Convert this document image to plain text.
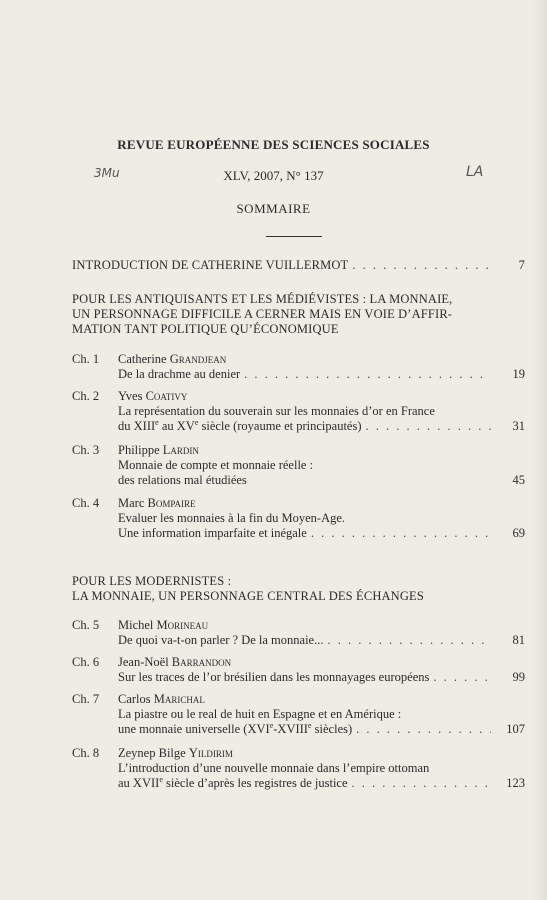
REVUE EUROPÉENNE DES SCIENCES SOCIALES
3Mu	XLV, 2007, N° 137	LA
SOMMAIRE
INTRODUCTION DE CATHERINE VUILLERMOT . . .	7
POUR LES ANTIQUISANTS ET LES MÉDIÉVISTES : LA MONNAIE,
UN PERSONNAGE DIFFICILE A CERNER MAIS EN VOIE D’AFFIR-
MATION TANT POLITIQUE QU’ÉCONOMIQUE
Ch. 1 Catherine Grandjean
De la drachme au denier . . .	19
Ch. 2 Yves Coativy
La représentation du souverain sur les monnaies d’or en France
du XIIIe au XVe siècle (royaume et principautés) . . .	31
Ch. 3 Philippe Lardin
Monnaie de compte et monnaie réelle :
des relations mal étudiées	45
Ch. 4 Marc Bompaire
Evaluer les monnaies à la fin du Moyen-Age.
Une information imparfaite et inégale . . .	69
POUR LES MODERNISTES :
LA MONNAIE, UN PERSONNAGE CENTRAL DES ÉCHANGES
Ch. 5 Michel Morineau
De quoi va-t-on parler ? De la monnaie... . . .	81
Ch. 6 Jean-Noël Barrandon
Sur les traces de l’or brésilien dans les monnayages européens . . .	99
Ch. 7 Carlos Marichal
La piastre ou le real de huit en Espagne et en Amérique :
une monnaie universelle (XVIe-XVIIIe siècles) . . .	107
Ch. 8 Zeynep Bilge Yildirim
L’introduction d’une nouvelle monnaie dans l’empire ottoman
au XVIIe siècle d’après les registres de justice . . .	123
